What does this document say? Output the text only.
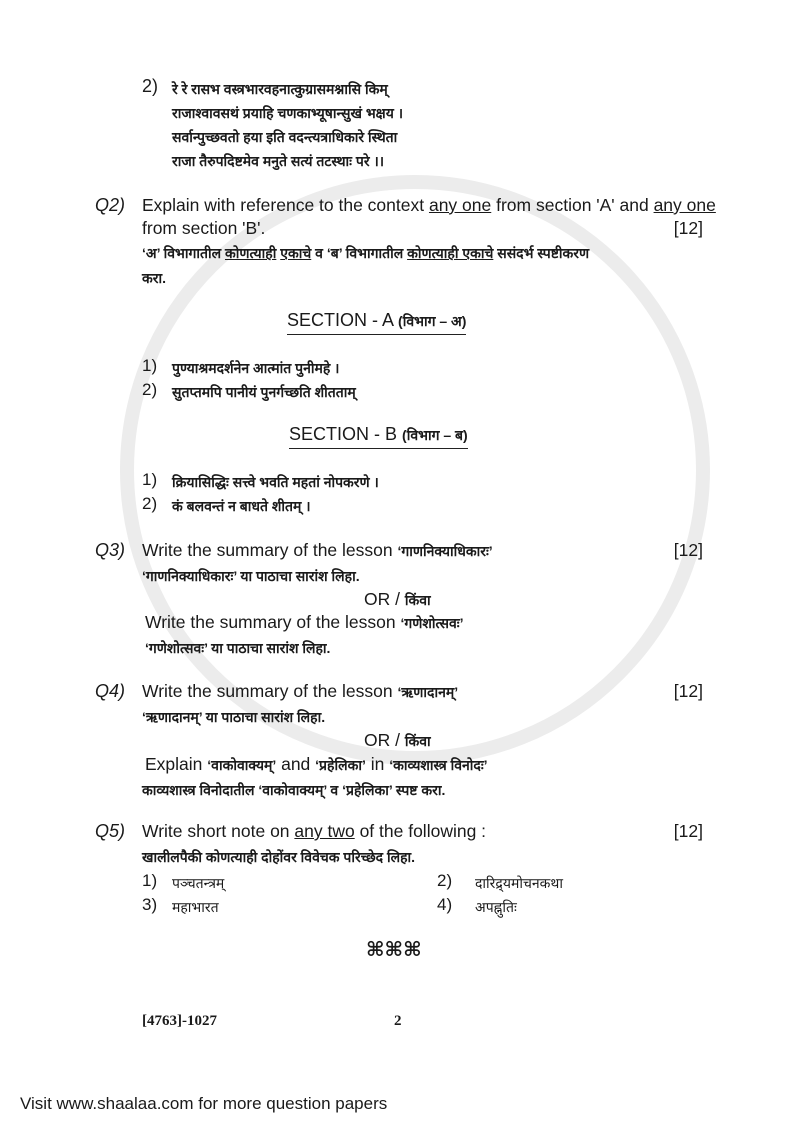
2) रे रे रासभ वस्त्रभारवहनात्कुग्रासमश्नासि किम्
राजाश्वावसथं प्रयाहि चणकाभ्यूषान्सुखं भक्षय ।
सर्वान्पुच्छवतो हया इति वदन्त्यत्राधिकारे स्थिता
राजा तैरुपदिष्टमेव मनुते सत्यं तटस्थाः परे ।।
Q2) Explain with reference to the context any one from section 'A' and any one
from section 'B'.	[12]
‘अ’ विभागातील कोणत्याही एकाचे व ‘ब’ विभागातील कोणत्याही एकाचे ससंदर्भ स्पष्टीकरण
करा.
SECTION - A (विभाग – अ)
1) पुण्याश्रमदर्शनेन आत्मांत पुनीमहे ।
2) सुतप्तमपि पानीयं पुनर्गच्छति शीतताम्
SECTION - B (विभाग – ब)
1) क्रियासिद्धिः सत्त्वे भवति महतां नोपकरणे ।
2) कं बलवन्तं न बाधते शीतम् ।
Q3) Write the summary of the lesson ‘गाणनिक्याधिकारः’	[12]
‘गाणनिक्याधिकारः’ या पाठाचा सारांश लिहा.
OR / किंवा
Write the summary of the lesson ‘गणेशोत्सवः’
‘गणेशोत्सवः’ या पाठाचा सारांश लिहा.
Q4) Write the summary of the lesson ‘ऋणादानम्’	[12]
‘ऋणादानम्’ या पाठाचा सारांश लिहा.
OR / किंवा
Explain ‘वाकोवाक्यम्’ and ‘प्रहेलिका’ in ‘काव्यशास्त्र विनोदः’
काव्यशास्त्र विनोदातील ‘वाकोवाक्यम्’ व ‘प्रहेलिका’ स्पष्ट करा.
Q5) Write short note on any two of the following :	[12]
खालीलपैकी कोणत्याही दोहोंवर विवेचक परिच्छेद लिहा.
1) पञ्चतन्त्रम्	2) दारिद्र्यमोचनकथा
3) महाभारत	4) अपह्नुतिः
⌘⌘⌘
[4763]-1027	2
Visit www.shaalaa.com for more question papers
